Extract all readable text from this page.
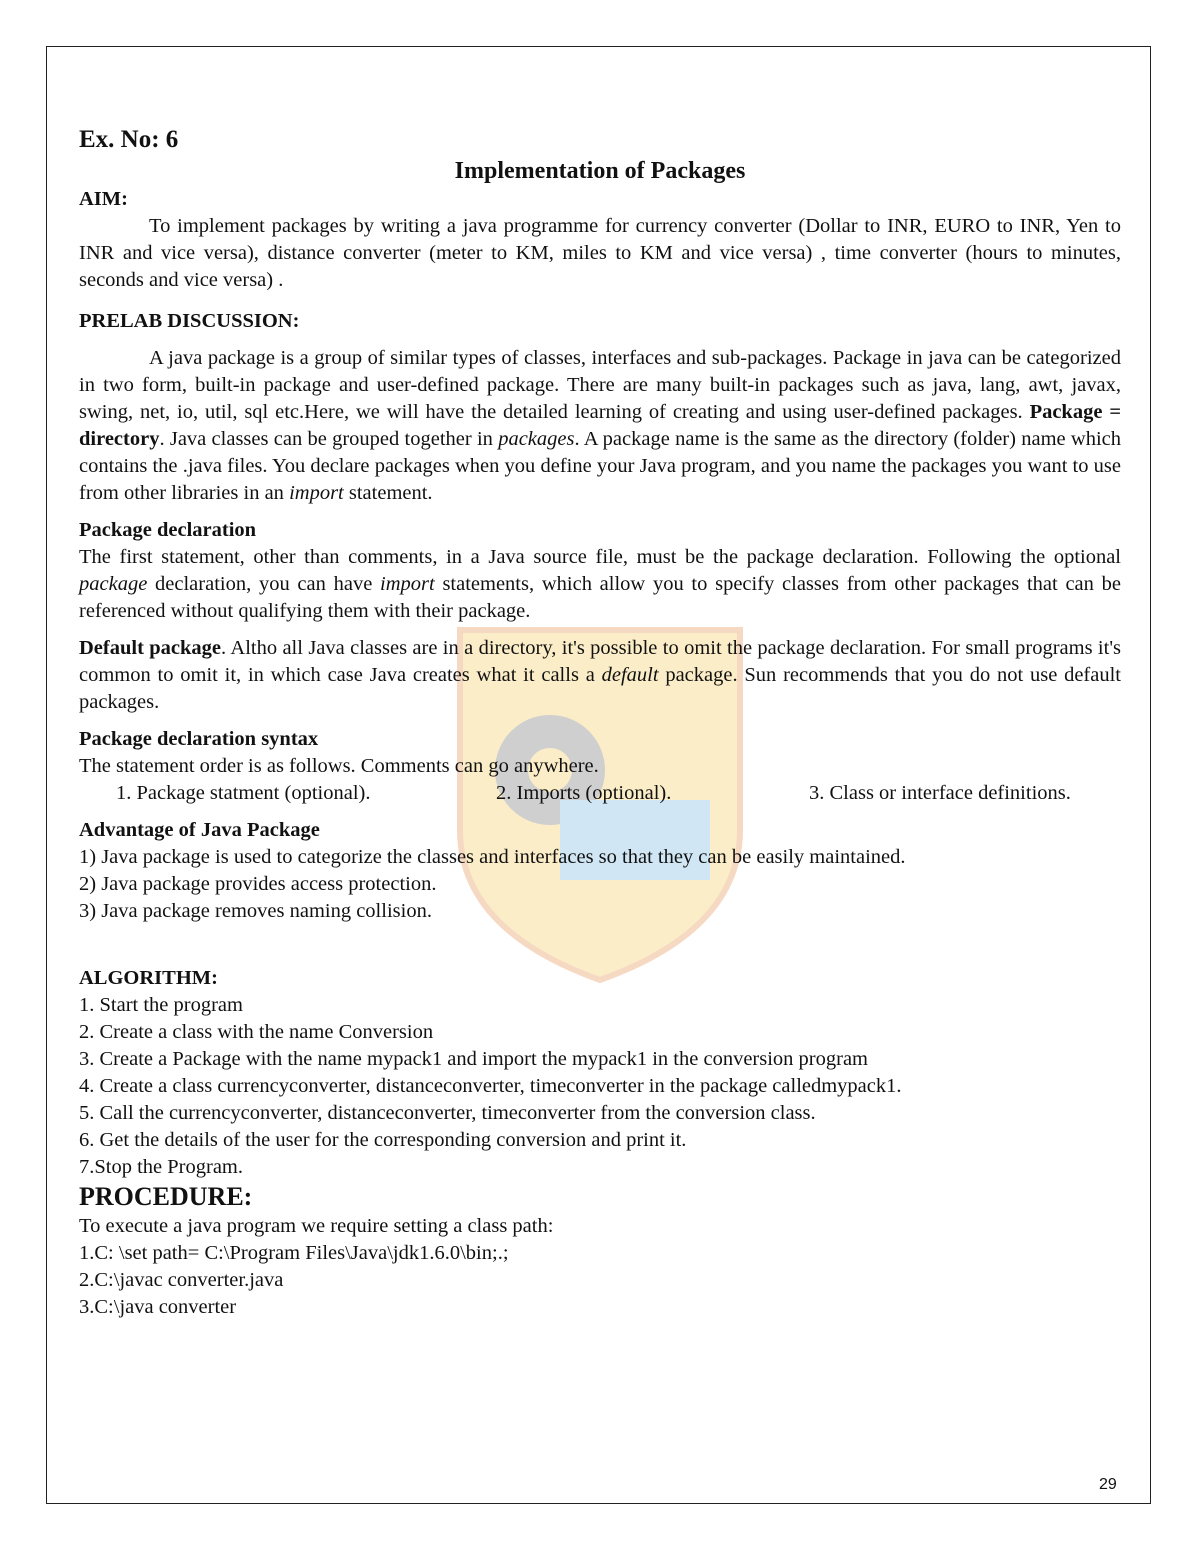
Ex. No: 6

Implementation of Packages

AIM:

To implement packages by writing a java programme for currency converter (Dollar to INR, EURO to INR, Yen to INR and vice versa), distance converter (meter to KM, miles to KM and vice versa) , time converter (hours to minutes, seconds and vice versa) .

PRELAB DISCUSSION:

A java package is a group of similar types of classes, interfaces and sub-packages. Package in java can be categorized in two form, built-in package and user-defined package. There are many built-in packages such as java, lang, awt, javax, swing, net, io, util, sql etc.Here, we will have the detailed learning of creating and using user-defined packages. Package = directory. Java classes can be grouped together in packages. A package name is the same as the directory (folder) name which contains the .java files. You declare packages when you define your Java program, and you name the packages you want to use from other libraries in an import statement.

Package declaration

The first statement, other than comments, in a Java source file, must be the package declaration. Following the optional package declaration, you can have import statements, which allow you to specify classes from other packages that can be referenced without qualifying them with their package.

Default package. Altho all Java classes are in a directory, it's possible to omit the package declaration. For small programs it's common to omit it, in which case Java creates what it calls a default package. Sun recommends that you do not use default packages.

Package declaration syntax

The statement order is as follows. Comments can go anywhere.

1. Package statment (optional).	2. Imports (optional).	3. Class or interface definitions.

Advantage of Java Package

1) Java package is used to categorize the classes and interfaces so that they can be easily maintained.

2) Java package provides access protection.

3) Java package removes naming collision.

ALGORITHM:

1. Start the program

2. Create a class with the name Conversion

3. Create a Package with the name mypack1 and import the mypack1 in the conversion program

4. Create a class currencyconverter, distanceconverter, timeconverter in the package calledmypack1.

5. Call the currencyconverter, distanceconverter, timeconverter from the conversion class.

6. Get the details of the user for the corresponding conversion and print it.

7.Stop the Program.

PROCEDURE:

To execute a java program we require setting a class path:

1.C: \set path= C:\Program Files\Java\jdk1.6.0\bin;.;

2.C:\javac converter.java

3.C:\java converter

29
